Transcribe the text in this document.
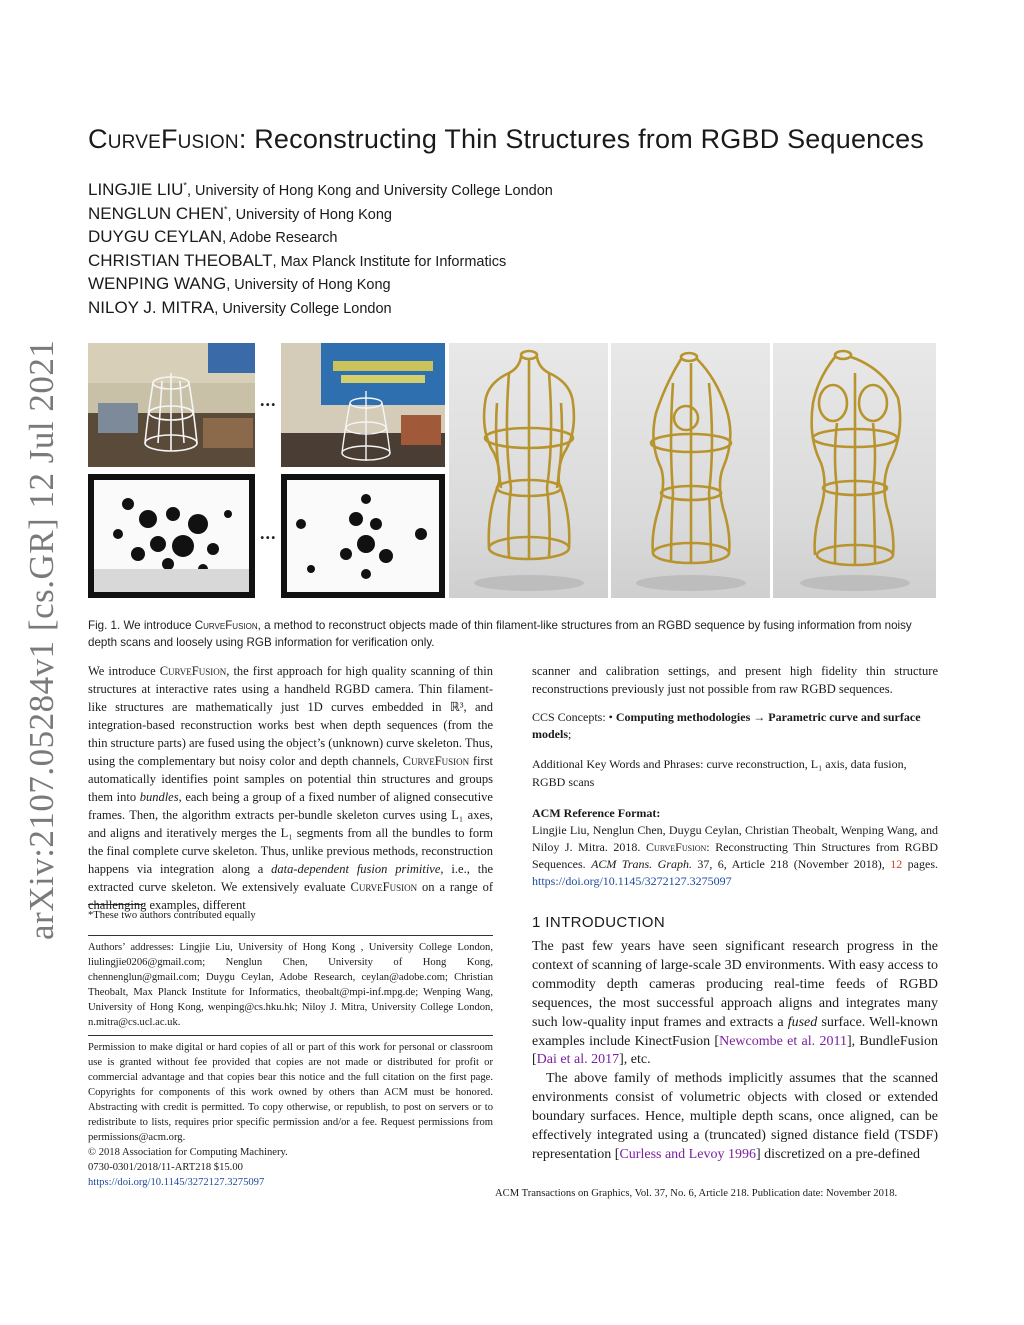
CurveFusion: Reconstructing Thin Structures from RGBD Sequences
LINGJIE LIU*, University of Hong Kong and University College London
NENGLUN CHEN*, University of Hong Kong
DUYGU CEYLAN, Adobe Research
CHRISTIAN THEOBALT, Max Planck Institute for Informatics
WENPING WANG, University of Hong Kong
NILOY J. MITRA, University College London
arXiv:2107.05284v1 [cs.GR] 12 Jul 2021	...
...
Fig. 1. We introduce CurveFusion, a method to reconstruct objects made of thin filament-like structures from an RGBD sequence by fusing information from noisy depth scans and loosely using RGB information for verification only.
We introduce CurveFusion, the first approach for high quality scanning of thin structures at interactive rates using a handheld RGBD camera. Thin filament-like structures are mathematically just 1D curves embedded in ℝ³, and integration-based reconstruction works best when depth sequences (from the thin structure parts) are fused using the object’s (unknown) curve skeleton. Thus, using the complementary but noisy color and depth channels, CurveFusion first automatically identifies point samples on potential thin structures and groups them into bundles, each being a group of a fixed number of aligned consecutive frames. Then, the algorithm extracts per-bundle skeleton curves using L₁ axes, and aligns and iteratively merges the L₁ segments from all the bundles to form the final complete curve skeleton. Thus, unlike previous methods, reconstruction happens via integration along a data-dependent fusion primitive, i.e., the extracted curve skeleton. We extensively evaluate CurveFusion on a range of challenging examples, different
*These two authors contributed equally
Authors’ addresses: Lingjie Liu, University of Hong Kong , University College London, liulingjie0206@gmail.com; Nenglun Chen, University of Hong Kong, chennenglun@gmail.com; Duygu Ceylan, Adobe Research, ceylan@adobe.com; Christian Theobalt, Max Planck Institute for Informatics, theobalt@mpi-inf.mpg.de; Wenping Wang, University of Hong Kong, wenping@cs.hku.hk; Niloy J. Mitra, University College London, n.mitra@cs.ucl.ac.uk.
Permission to make digital or hard copies of all or part of this work for personal or classroom use is granted without fee provided that copies are not made or distributed for profit or commercial advantage and that copies bear this notice and the full citation on the first page. Copyrights for components of this work owned by others than ACM must be honored. Abstracting with credit is permitted. To copy otherwise, or republish, to post on servers or to redistribute to lists, requires prior specific permission and/or a fee. Request permissions from permissions@acm.org.
© 2018 Association for Computing Machinery.
0730-0301/2018/11-ART218 $15.00
https://doi.org/10.1145/3272127.3275097
scanner and calibration settings, and present high fidelity thin structure reconstructions previously just not possible from raw RGBD sequences.
CCS Concepts: • Computing methodologies → Parametric curve and surface models;
Additional Key Words and Phrases: curve reconstruction, L₁ axis, data fusion, RGBD scans
ACM Reference Format:
Lingjie Liu, Nenglun Chen, Duygu Ceylan, Christian Theobalt, Wenping Wang, and Niloy J. Mitra. 2018. CurveFusion: Reconstructing Thin Structures from RGBD Sequences. ACM Trans. Graph. 37, 6, Article 218 (November 2018), 12 pages. https://doi.org/10.1145/3272127.3275097
1 INTRODUCTION
The past few years have seen significant research progress in the context of scanning of large-scale 3D environments. With easy access to commodity depth cameras producing real-time feeds of RGBD sequences, the most successful approach aligns and integrates many such low-quality input frames and extracts a fused surface. Well-known examples include KinectFusion [Newcombe et al. 2011], BundleFusion [Dai et al. 2017], etc.
The above family of methods implicitly assumes that the scanned environments consist of volumetric objects with closed or extended boundary surfaces. Hence, multiple depth scans, once aligned, can be effectively integrated using a (truncated) signed distance field (TSDF) representation [Curless and Levoy 1996] discretized on a pre-defined
ACM Transactions on Graphics, Vol. 37, No. 6, Article 218. Publication date: November 2018.
